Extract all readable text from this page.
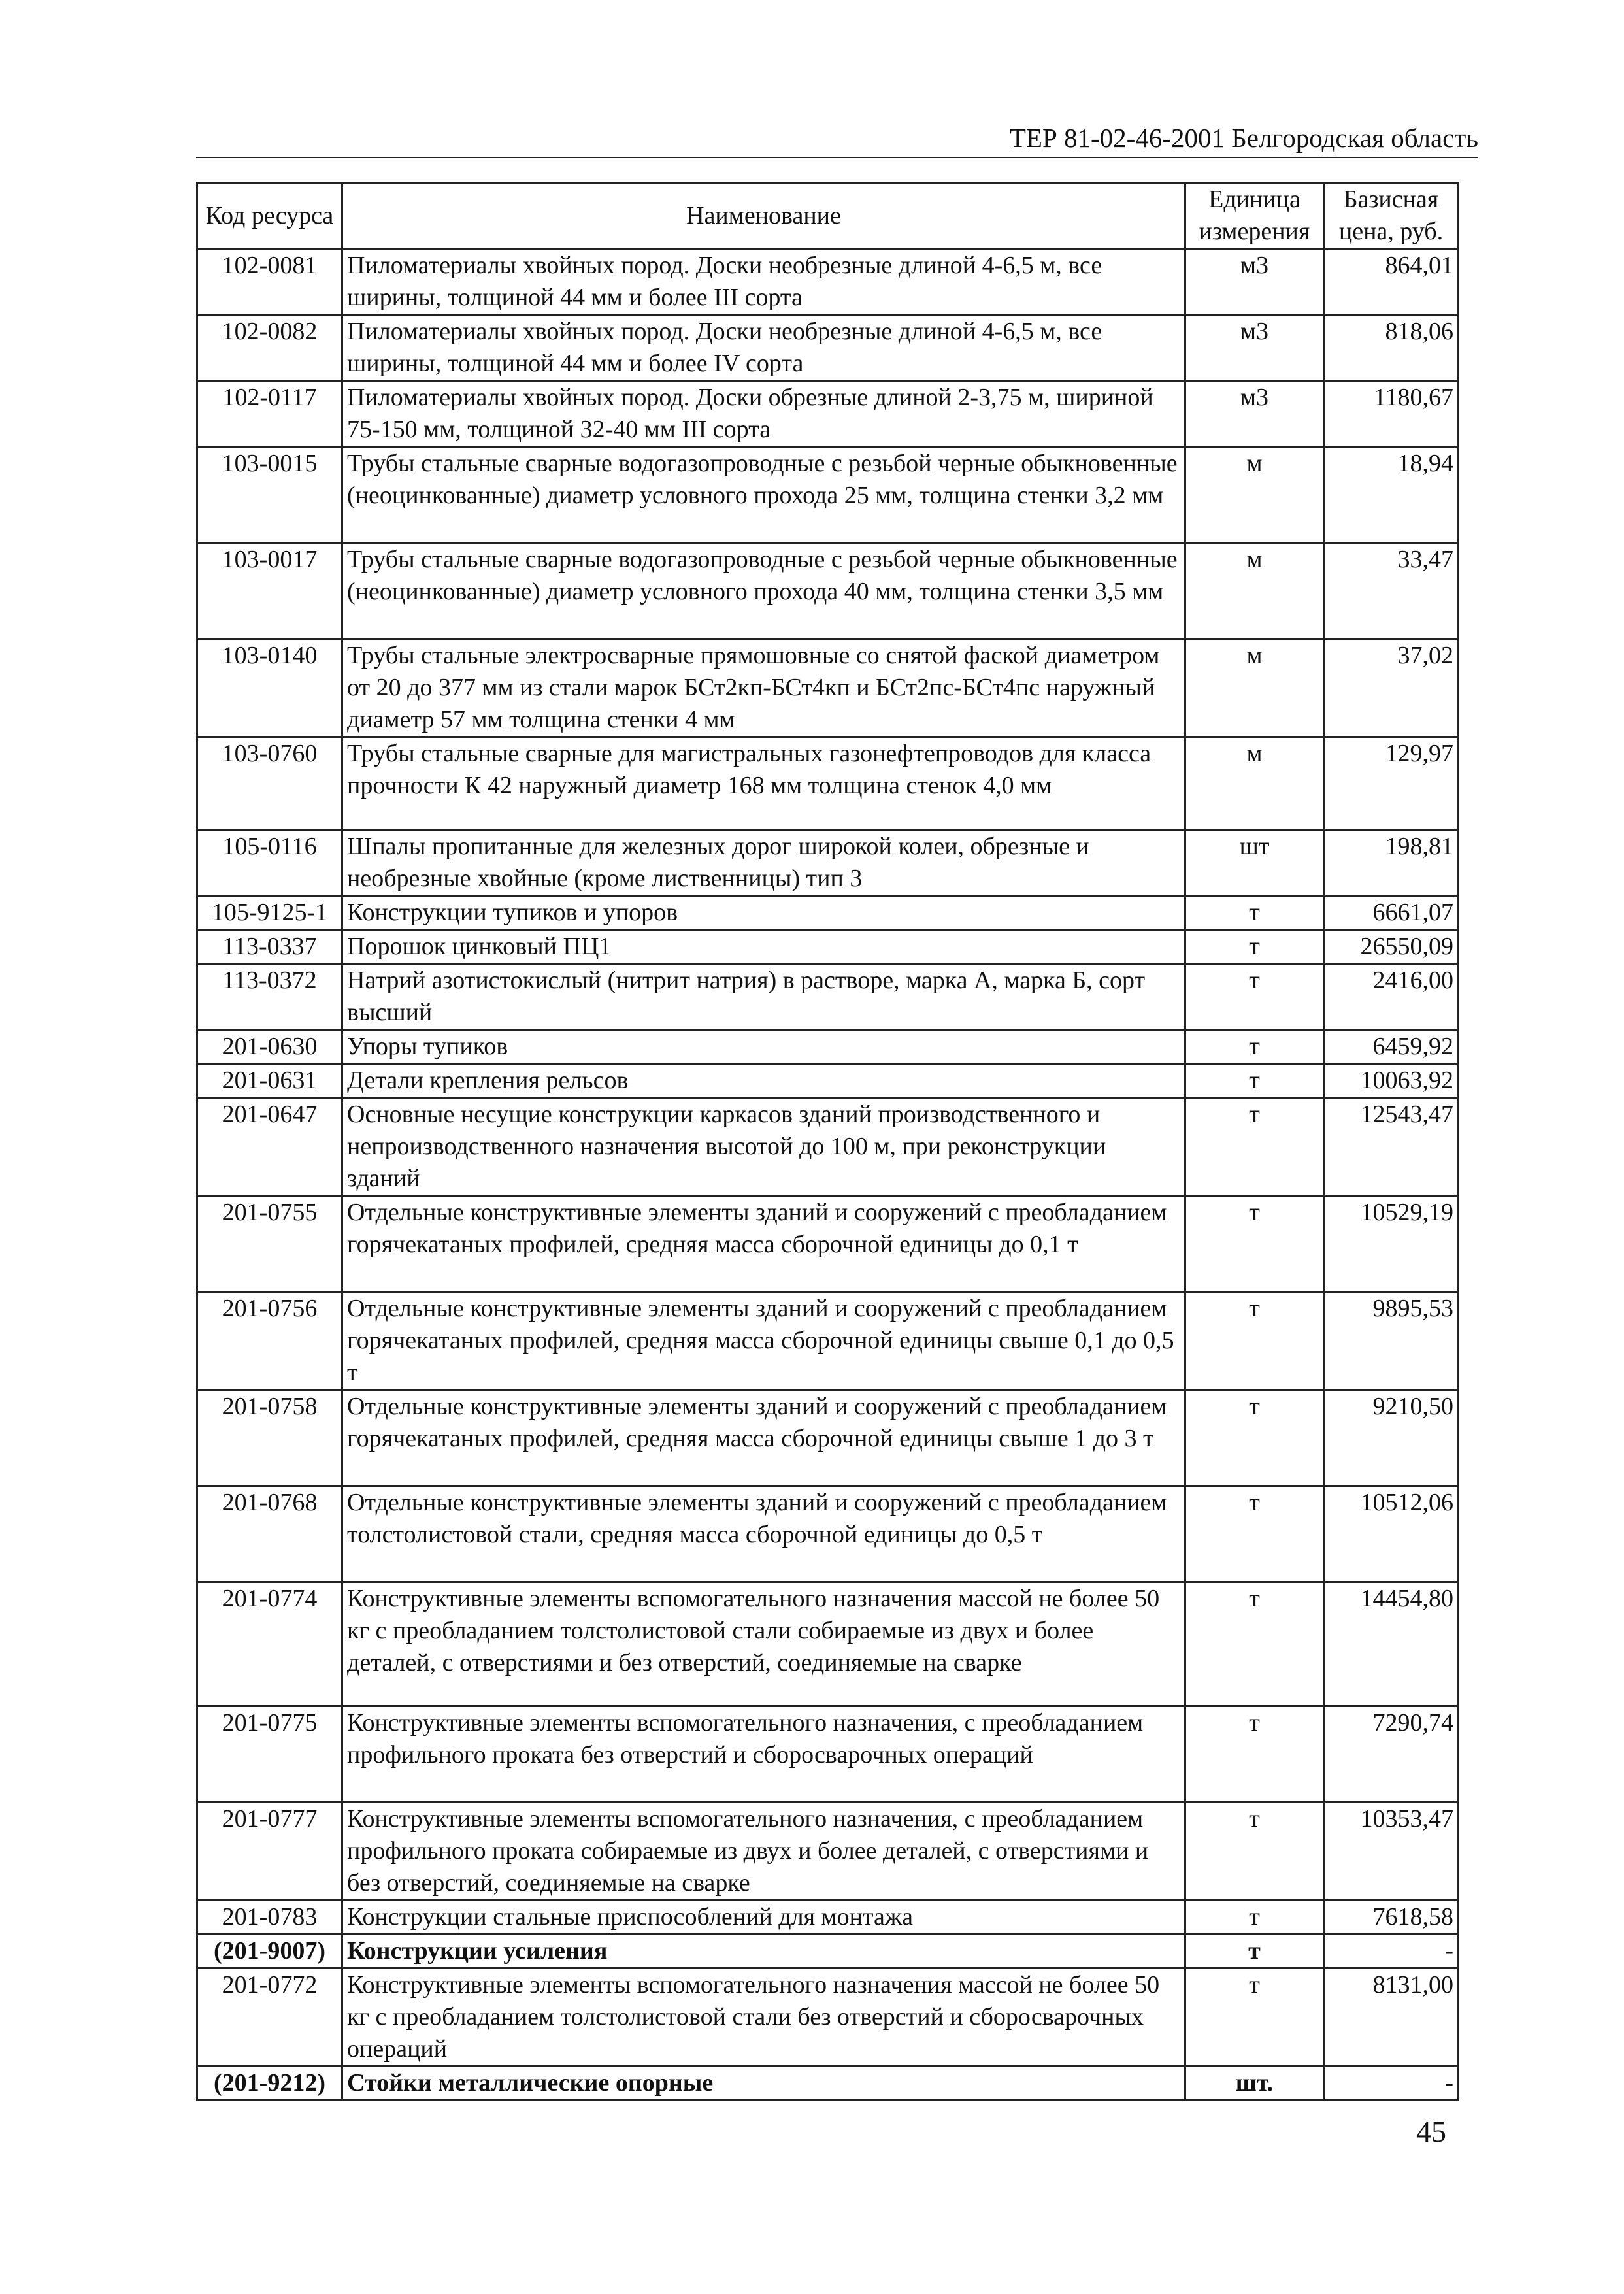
ТЕР 81-02-46-2001 Белгородская область
Код ресурса	Наименование	Единица измерения	Базисная цена, руб.
102-0081	Пиломатериалы хвойных пород. Доски необрезные длиной 4-6,5 м, все ширины, толщиной 44 мм и более III сорта	м3	864,01
102-0082	Пиломатериалы хвойных пород. Доски необрезные длиной 4-6,5 м, все ширины, толщиной 44 мм и более IV сорта	м3	818,06
102-0117	Пиломатериалы хвойных пород. Доски обрезные длиной 2-3,75 м, шириной 75-150 мм, толщиной 32-40 мм III сорта	м3	1180,67
103-0015	Трубы стальные сварные водогазопроводные с резьбой черные обыкновенные (неоцинкованные) диаметр условного прохода 25 мм, толщина стенки 3,2 мм	м	18,94
103-0017	Трубы стальные сварные водогазопроводные с резьбой черные обыкновенные (неоцинкованные) диаметр условного прохода 40 мм, толщина стенки 3,5 мм	м	33,47
103-0140	Трубы стальные электросварные прямошовные со снятой фаской диаметром от 20 до 377 мм из стали марок БСт2кп-БСт4кп и БСт2пс-БСт4пс наружный диаметр 57 мм толщина стенки 4 мм	м	37,02
103-0760	Трубы стальные сварные для магистральных газонефтепроводов для класса прочности К 42 наружный диаметр 168 мм толщина стенок 4,0 мм	м	129,97
105-0116	Шпалы пропитанные для железных дорог широкой колеи, обрезные и необрезные хвойные (кроме лиственницы) тип 3	шт	198,81
105-9125-1	Конструкции тупиков и упоров	т	6661,07
113-0337	Порошок цинковый ПЦ1	т	26550,09
113-0372	Натрий азотистокислый (нитрит натрия) в растворе, марка А, марка Б, сорт высший	т	2416,00
201-0630	Упоры тупиков	т	6459,92
201-0631	Детали крепления рельсов	т	10063,92
201-0647	Основные несущие конструкции каркасов зданий производственного и непроизводственного назначения высотой до 100 м, при реконструкции зданий	т	12543,47
201-0755	Отдельные конструктивные элементы зданий и сооружений с преобладанием горячекатаных профилей, средняя масса сборочной единицы до 0,1 т	т	10529,19
201-0756	Отдельные конструктивные элементы зданий и сооружений с преобладанием горячекатаных профилей, средняя масса сборочной единицы свыше 0,1 до 0,5 т	т	9895,53
201-0758	Отдельные конструктивные элементы зданий и сооружений с преобладанием горячекатаных профилей, средняя масса сборочной единицы свыше 1 до 3 т	т	9210,50
201-0768	Отдельные конструктивные элементы зданий и сооружений с преобладанием толстолистовой стали, средняя масса сборочной единицы до 0,5 т	т	10512,06
201-0774	Конструктивные элементы вспомогательного назначения массой не более 50 кг с преобладанием толстолистовой стали собираемые из двух и более деталей, с отверстиями и без отверстий, соединяемые на сварке	т	14454,80
201-0775	Конструктивные элементы вспомогательного назначения, с преобладанием профильного проката без отверстий и сборосварочных операций	т	7290,74
201-0777	Конструктивные элементы вспомогательного назначения, с преобладанием профильного проката собираемые из двух и более деталей, с отверстиями и без отверстий, соединяемые на сварке	т	10353,47
201-0783	Конструкции стальные приспособлений для монтажа	т	7618,58
(201-9007)	Конструкции усиления	т	-
201-0772	Конструктивные элементы вспомогательного назначения массой не более 50 кг с преобладанием толстолистовой стали без отверстий и сборосварочных операций	т	8131,00
(201-9212)	Стойки металлические опорные	шт.	-
45
